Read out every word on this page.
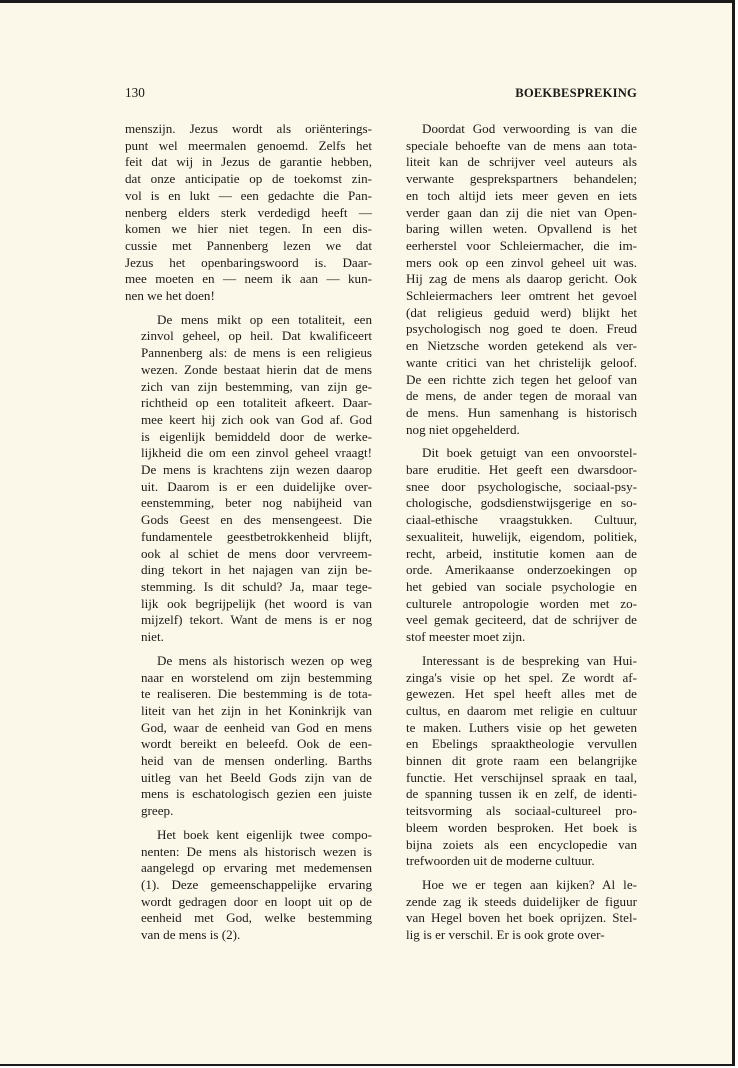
130	BOEKBESPREKING

menszijn. Jezus wordt als oriënterings-
punt wel meermalen genoemd. Zelfs het
feit dat wij in Jezus de garantie hebben,
dat onze anticipatie op de toekomst zin-
vol is en lukt — een gedachte die Pan-
nenberg elders sterk verdedigd heeft —
komen we hier niet tegen. In een dis-
cussie met Pannenberg lezen we dat
Jezus het openbaringswoord is. Daar-
mee moeten en — neem ik aan — kun-
nen we het doen!

De mens mikt op een totaliteit, een
zinvol geheel, op heil. Dat kwalificeert
Pannenberg als: de mens is een religieus
wezen. Zonde bestaat hierin dat de mens
zich van zijn bestemming, van zijn ge-
richtheid op een totaliteit afkeert. Daar-
mee keert hij zich ook van God af. God
is eigenlijk bemiddeld door de werke-
lijkheid die om een zinvol geheel vraagt!
De mens is krachtens zijn wezen daarop
uit. Daarom is er een duidelijke over-
eenstemming, beter nog nabijheid van
Gods Geest en des mensengeest. Die
fundamentele geestbetrokkenheid blijft,
ook al schiet de mens door vervreem-
ding tekort in het najagen van zijn be-
stemming. Is dit schuld? Ja, maar tege-
lijk ook begrijpelijk (het woord is van
mijzelf) tekort. Want de mens is er nog
niet.

De mens als historisch wezen op weg
naar en worstelend om zijn bestemming
te realiseren. Die bestemming is de tota-
liteit van het zijn in het Koninkrijk van
God, waar de eenheid van God en mens
wordt bereikt en beleefd. Ook de een-
heid van de mensen onderling. Barths
uitleg van het Beeld Gods zijn van de
mens is eschatologisch gezien een juiste
greep.

Het boek kent eigenlijk twee compo-
nenten: De mens als historisch wezen is
aangelegd op ervaring met medemensen
(1). Deze gemeenschappelijke ervaring
wordt gedragen door en loopt uit op de
eenheid met God, welke bestemming
van de mens is (2).

Doordat God verwoording is van die
speciale behoefte van de mens aan tota-
liteit kan de schrijver veel auteurs als
verwante gesprekspartners behandelen;
en toch altijd iets meer geven en iets
verder gaan dan zij die niet van Open-
baring willen weten. Opvallend is het
eerherstel voor Schleiermacher, die im-
mers ook op een zinvol geheel uit was.
Hij zag de mens als daarop gericht. Ook
Schleiermachers leer omtrent het gevoel
(dat religieus geduid werd) blijkt het
psychologisch nog goed te doen. Freud
en Nietzsche worden getekend als ver-
wante critici van het christelijk geloof.
De een richtte zich tegen het geloof van
de mens, de ander tegen de moraal van
de mens. Hun samenhang is historisch
nog niet opgehelderd.

Dit boek getuigt van een onvoorstel-
bare eruditie. Het geeft een dwarsdoor-
snee door psychologische, sociaal-psy-
chologische, godsdienstwijsgerige en so-
ciaal-ethische vraagstukken. Cultuur,
sexualiteit, huwelijk, eigendom, politiek,
recht, arbeid, institutie komen aan de
orde. Amerikaanse onderzoekingen op
het gebied van sociale psychologie en
culturele antropologie worden met zo-
veel gemak geciteerd, dat de schrijver de
stof meester moet zijn.

Interessant is de bespreking van Hui-
zinga's visie op het spel. Ze wordt af-
gewezen. Het spel heeft alles met de
cultus, en daarom met religie en cultuur
te maken. Luthers visie op het geweten
en Ebelings spraaktheologie vervullen
binnen dit grote raam een belangrijke
functie. Het verschijnsel spraak en taal,
de spanning tussen ik en zelf, de identi-
teitsvorming als sociaal-cultureel pro-
bleem worden besproken. Het boek is
bijna zoiets als een encyclopedie van
trefwoorden uit de moderne cultuur.

Hoe we er tegen aan kijken? Al le-
zende zag ik steeds duidelijker de figuur
van Hegel boven het boek oprijzen. Stel-
lig is er verschil. Er is ook grote over-
